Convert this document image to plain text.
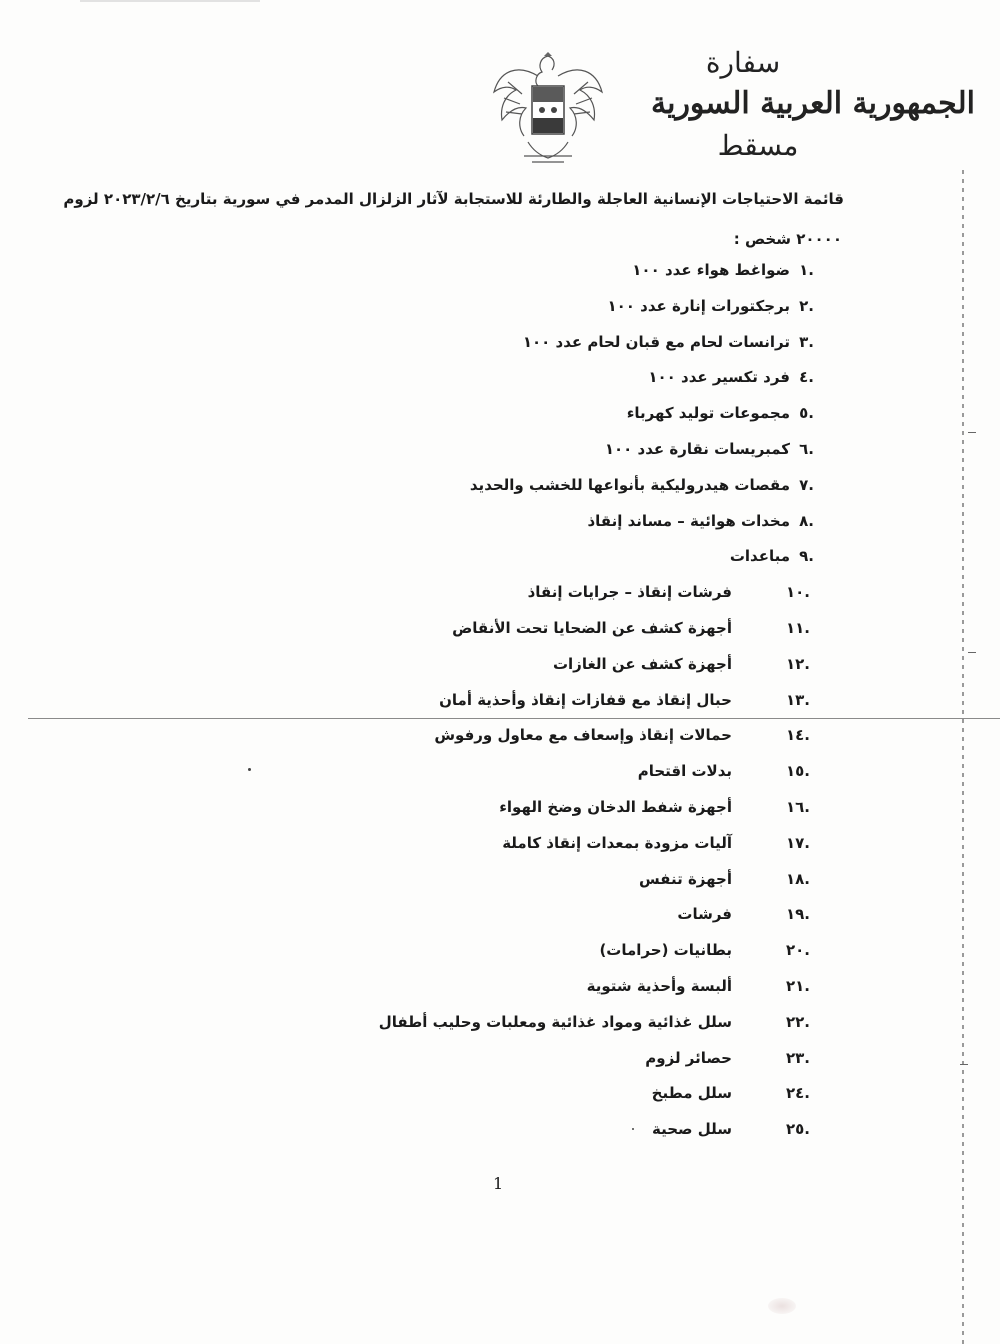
سفارة
الجمهورية العربية السورية
مسقط
قائمة الاحتياجات الإنسانية العاجلة والطارئة للاستجابة لآثار الزلزال المدمر في سورية بتاريخ ٢٠٢٣/٢/٦ لزوم
٢٠٠٠٠ شخص :
.١
ضواغط هواء عدد ١٠٠
.٢
برجكتورات إنارة عدد ١٠٠
.٣
ترانسات لحام مع قبان لحام عدد ١٠٠
.٤
فرد تكسير عدد ١٠٠
.٥
مجموعات توليد كهرباء
.٦
كمبريسات نقارة عدد ١٠٠
.٧
مقصات هيدروليكية بأنواعها للخشب والحديد
.٨
مخدات هوائية – مساند إنقاذ
.٩
مباعدات
.١٠
فرشات إنقاذ – جرايات إنقاذ
.١١
أجهزة كشف عن الضحايا تحت الأنقاض
.١٢
أجهزة كشف عن الغازات
.١٣
حبال إنقاذ مع قفازات إنقاذ وأحذية أمان
.١٤
حمالات إنقاذ وإسعاف مع معاول ورفوش
.١٥
بدلات اقتحام
.١٦
أجهزة شفط الدخان وضخ الهواء
.١٧
آليات مزودة بمعدات إنقاذ كاملة
.١٨
أجهزة تنفس
.١٩
فرشات
.٢٠
بطانيات (حرامات)
.٢١
ألبسة وأحذية شتوية
.٢٢
سلل غذائية ومواد غذائية ومعلبات وحليب أطفال
.٢٣
حصائر لزوم
.٢٤
سلل مطبخ
.٢٥
سلل صحية
1
